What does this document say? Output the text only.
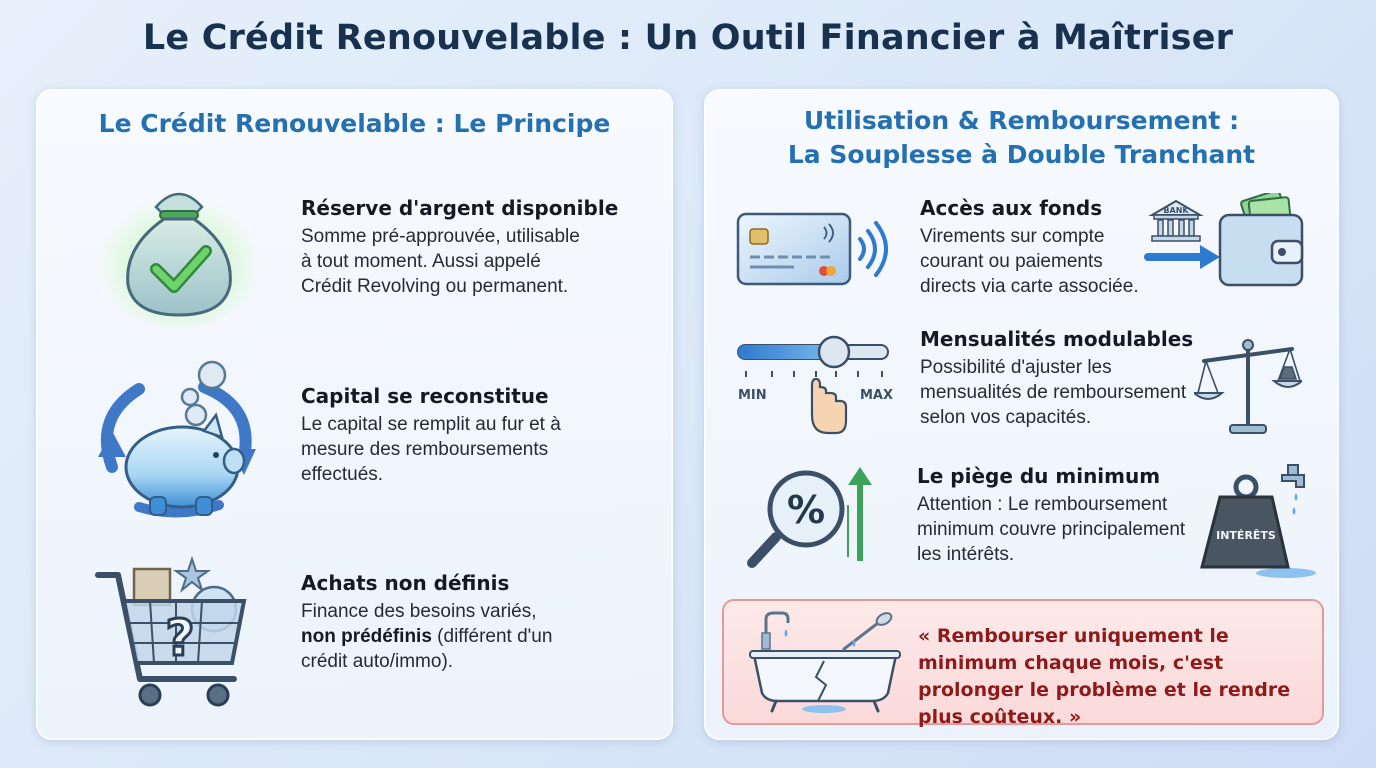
Le Crédit Renouvelable : Un Outil Financier à Maîtriser
Le Crédit Renouvelable : Le Principe
Réserve d'argent disponible
Somme pré-approuvée, utilisable
à tout moment. Aussi appelé
Crédit Revolving ou permanent.
Capital se reconstitue
Le capital se remplit au fur et à
mesure des remboursements
effectués.
?
Achats non définis
Finance des besoins variés,
non prédéfinis (différent d'un
crédit auto/immo).
Utilisation & Remboursement :
La Souplesse à Double Tranchant
Accès aux fonds
Virements sur compte
courant ou paiements
directs via carte associée.
BANK
MIN	MAX
Mensualités modulables
Possibilité d'ajuster les
mensualités de remboursement
selon vos capacités.
%
Le piège du minimum
Attention : Le remboursement
minimum couvre principalement
les intérêts.
INTÉRÊTS
« Rembourser uniquement le minimum chaque mois, c'est prolonger le problème et le rendre plus coûteux. »
